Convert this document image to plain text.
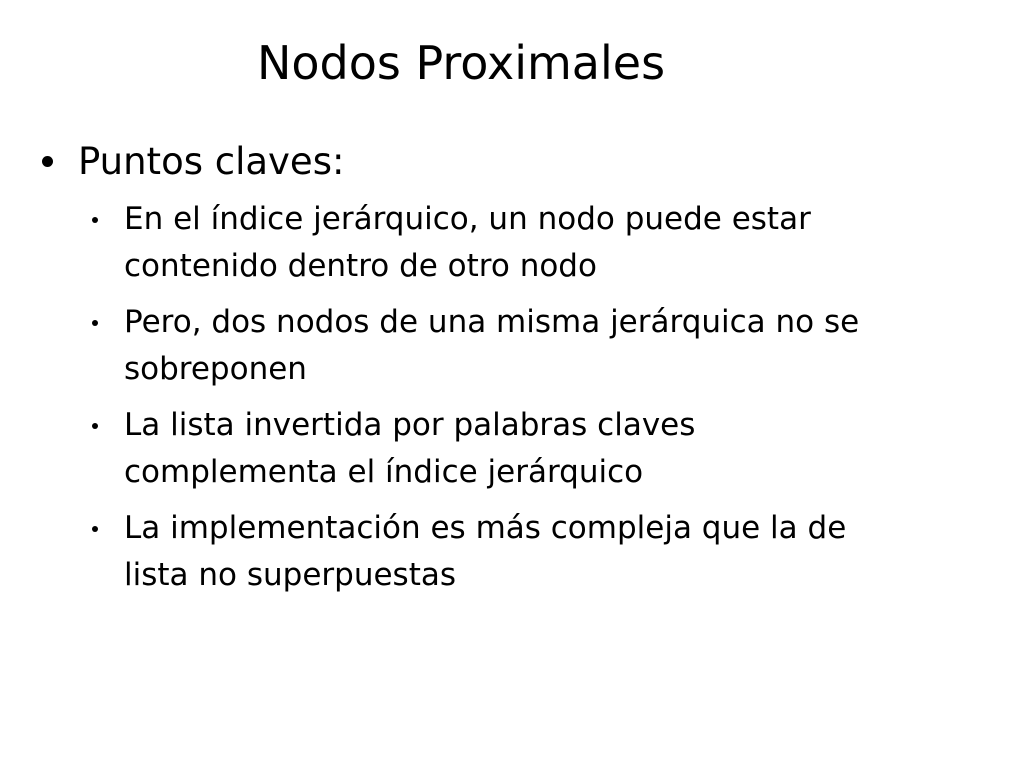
Nodos Proximales
Puntos claves:
En el índice jerárquico, un nodo puede estar
contenido dentro de otro nodo
Pero, dos nodos de una misma jerárquica no se
sobreponen
La lista invertida por palabras claves
complementa el índice jerárquico
La implementación es más compleja que la de
lista no superpuestas
